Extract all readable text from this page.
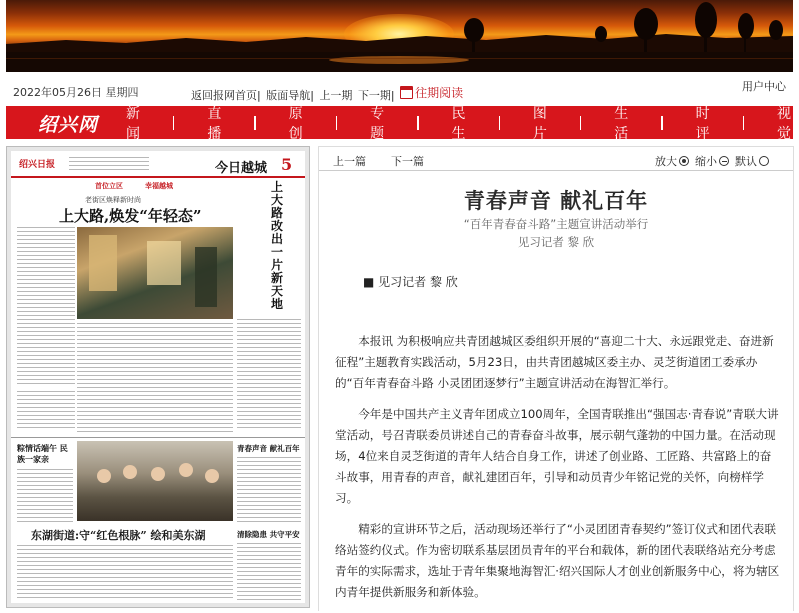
2022年05月26日 星期四	返回报网首页| 版面导航| 上一期 下一期| 往期阅读	用户中心
绍兴网
新闻
直播
原创
专题
民生
图片
生活
时评
视觉
绍兴日报	今日越城 5
首位立区	幸福越城
老街区焕释新时尚
上大路,焕发“年轻态”
上大路改出一片新天地
粽情话端午 民族一家亲
青春声音 献礼百年
东湖街道:守“红色根脉” 绘和美东湖	清除隐患 共守平安
上一篇 下一篇	放大 缩小 默认
青春声音 献礼百年
“百年青春奋斗路”主题宣讲活动举行
见习记者 黎 欣
■ 见习记者 黎 欣

本报讯 为积极响应共青团越城区委组织开展的“喜迎二十大、永远跟党走、奋进新征程”主题教育实践活动，5月23日，由共青团越城区委主办、灵芝街道团工委承办的“百年青春奋斗路 小灵团团逐梦行”主题宣讲活动在海智汇举行。

今年是中国共产主义青年团成立100周年，全国青联推出“强国志·青春说”青联大讲堂活动，号召青联委员讲述自己的青春奋斗故事，展示朝气蓬勃的中国力量。在活动现场，4位来自灵芝街道的青年人结合自身工作，讲述了创业路、工匠路、共富路上的奋斗故事，用青春的声音，献礼建团百年，引导和动员青少年铭记党的关怀，向榜样学习。

精彩的宣讲环节之后，活动现场还举行了“小灵团团青春契约”签订仪式和团代表联络站签约仪式。作为密切联系基层团员青年的平台和载体，新的团代表联络站充分考虑青年的实际需求，选址于青年集聚地海智汇·绍兴国际人才创业创新服务中心，将为辖区内青年提供新服务和新体验。
